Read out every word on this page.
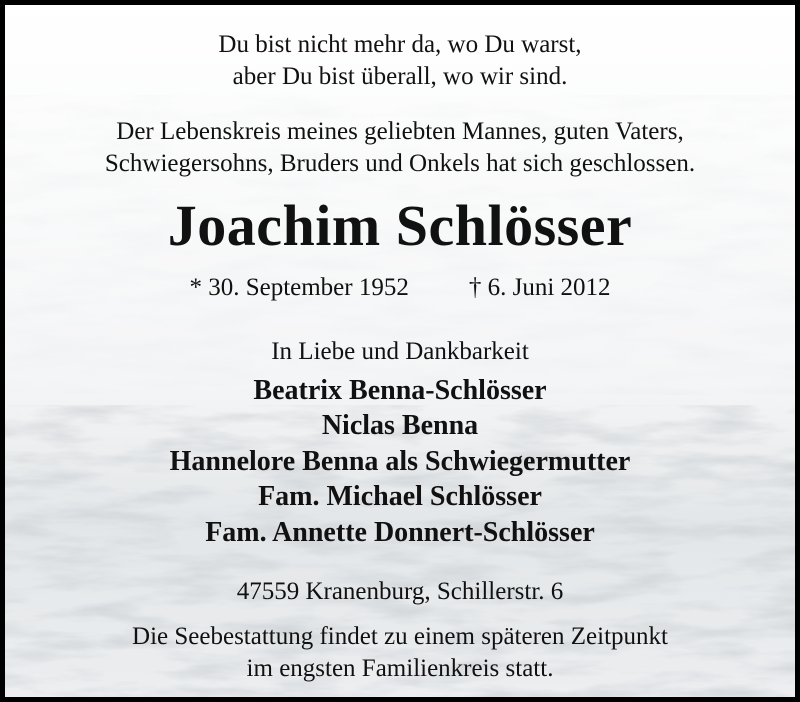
Du bist nicht mehr da, wo Du warst,
aber Du bist überall, wo wir sind.
Der Lebenskreis meines geliebten Mannes, guten Vaters,
Schwiegersohns, Bruders und Onkels hat sich geschlossen.
Joachim Schlösser
* 30. September 1952 † 6. Juni 2012
In Liebe und Dankbarkeit
Beatrix Benna-Schlösser
Niclas Benna
Hannelore Benna als Schwiegermutter
Fam. Michael Schlösser
Fam. Annette Donnert-Schlösser
47559 Kranenburg, Schillerstr. 6
Die Seebestattung findet zu einem späteren Zeitpunkt
im engsten Familienkreis statt.
